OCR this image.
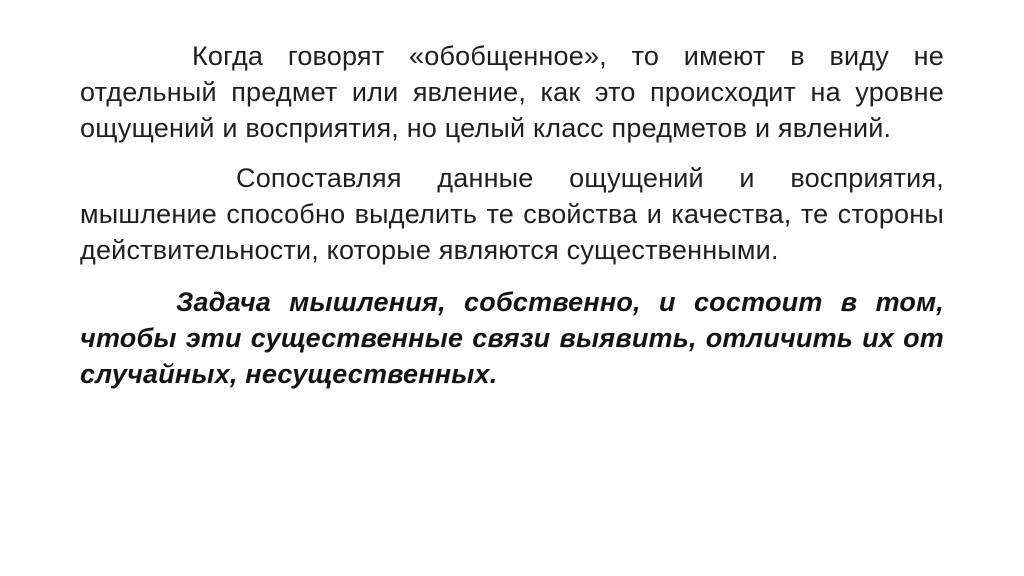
Когда говорят «обобщенное», то имеют в виду не отдельный предмет или явление, как это происходит на уровне ощущений и восприятия, но целый класс предметов и явлений.

Сопоставляя данные ощущений и восприятия, мышление способно выделить те свойства и качества, те стороны действительности, которые являются существенными.

Задача мышления, собственно, и состоит в том, чтобы эти существенные связи выявить, отличить их от случайных, несущественных.
